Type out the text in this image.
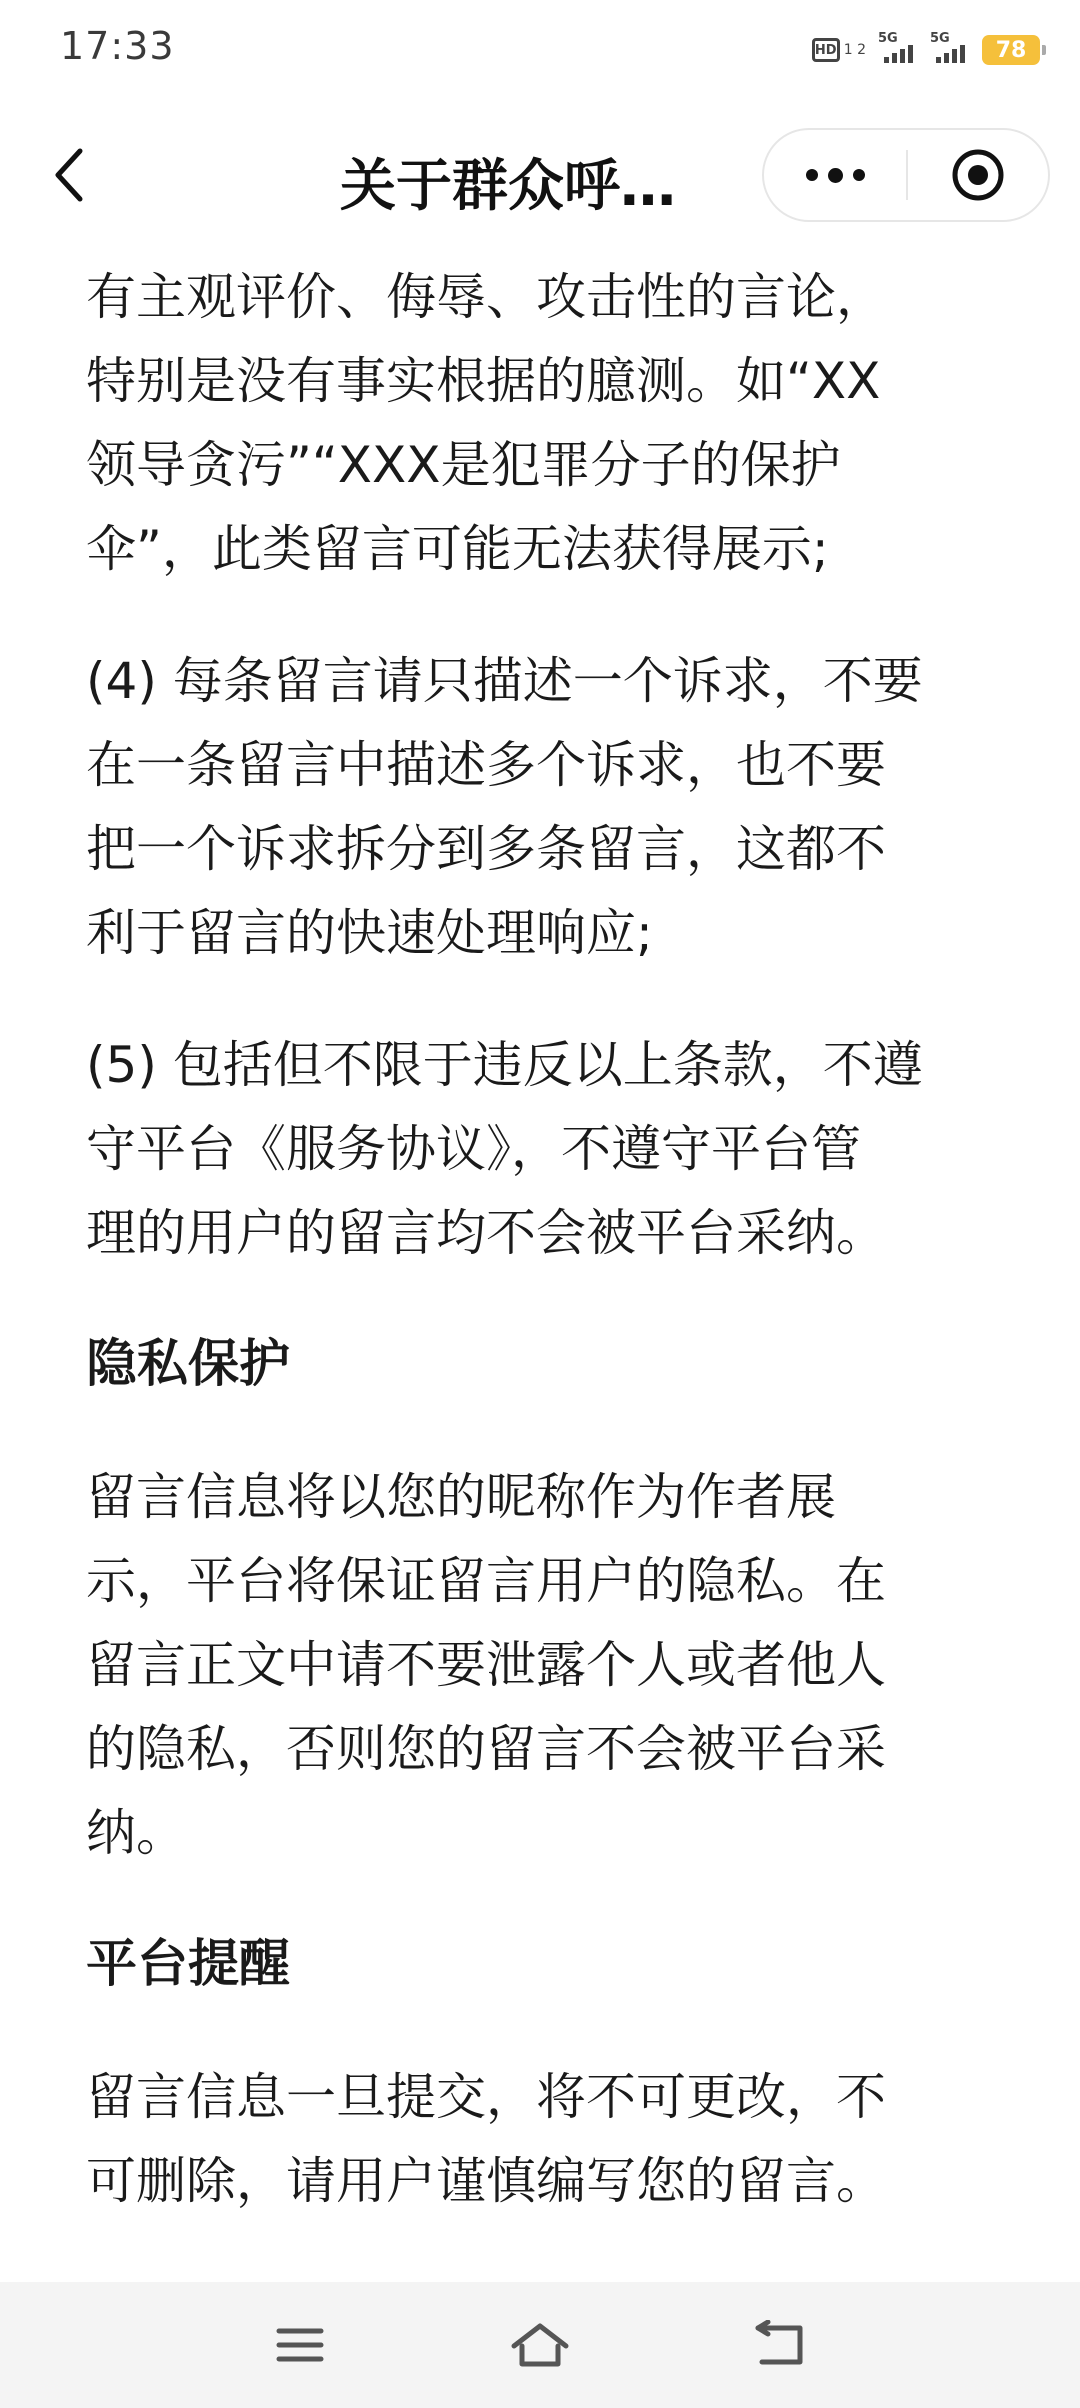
17:33	HD 1 2
5G 5G	78
关于群众呼…

有主观评价、侮辱、攻击性的言论，

特别是没有事实根据的臆测。如“XX

领导贪污”“XXX是犯罪分子的保护

伞”，此类留言可能无法获得展示;

(4) 每条留言请只描述一个诉求，不要

在一条留言中描述多个诉求，也不要

把一个诉求拆分到多条留言，这都不

利于留言的快速处理响应;

(5) 包括但不限于违反以上条款，不遵

守平台《服务协议》，不遵守平台管

理的用户的留言均不会被平台采纳。

隐私保护

留言信息将以您的昵称作为作者展

示，平台将保证留言用户的隐私。在

留言正文中请不要泄露个人或者他人

的隐私，否则您的留言不会被平台采

纳。

平台提醒

留言信息一旦提交，将不可更改，不

可删除，请用户谨慎编写您的留言。
